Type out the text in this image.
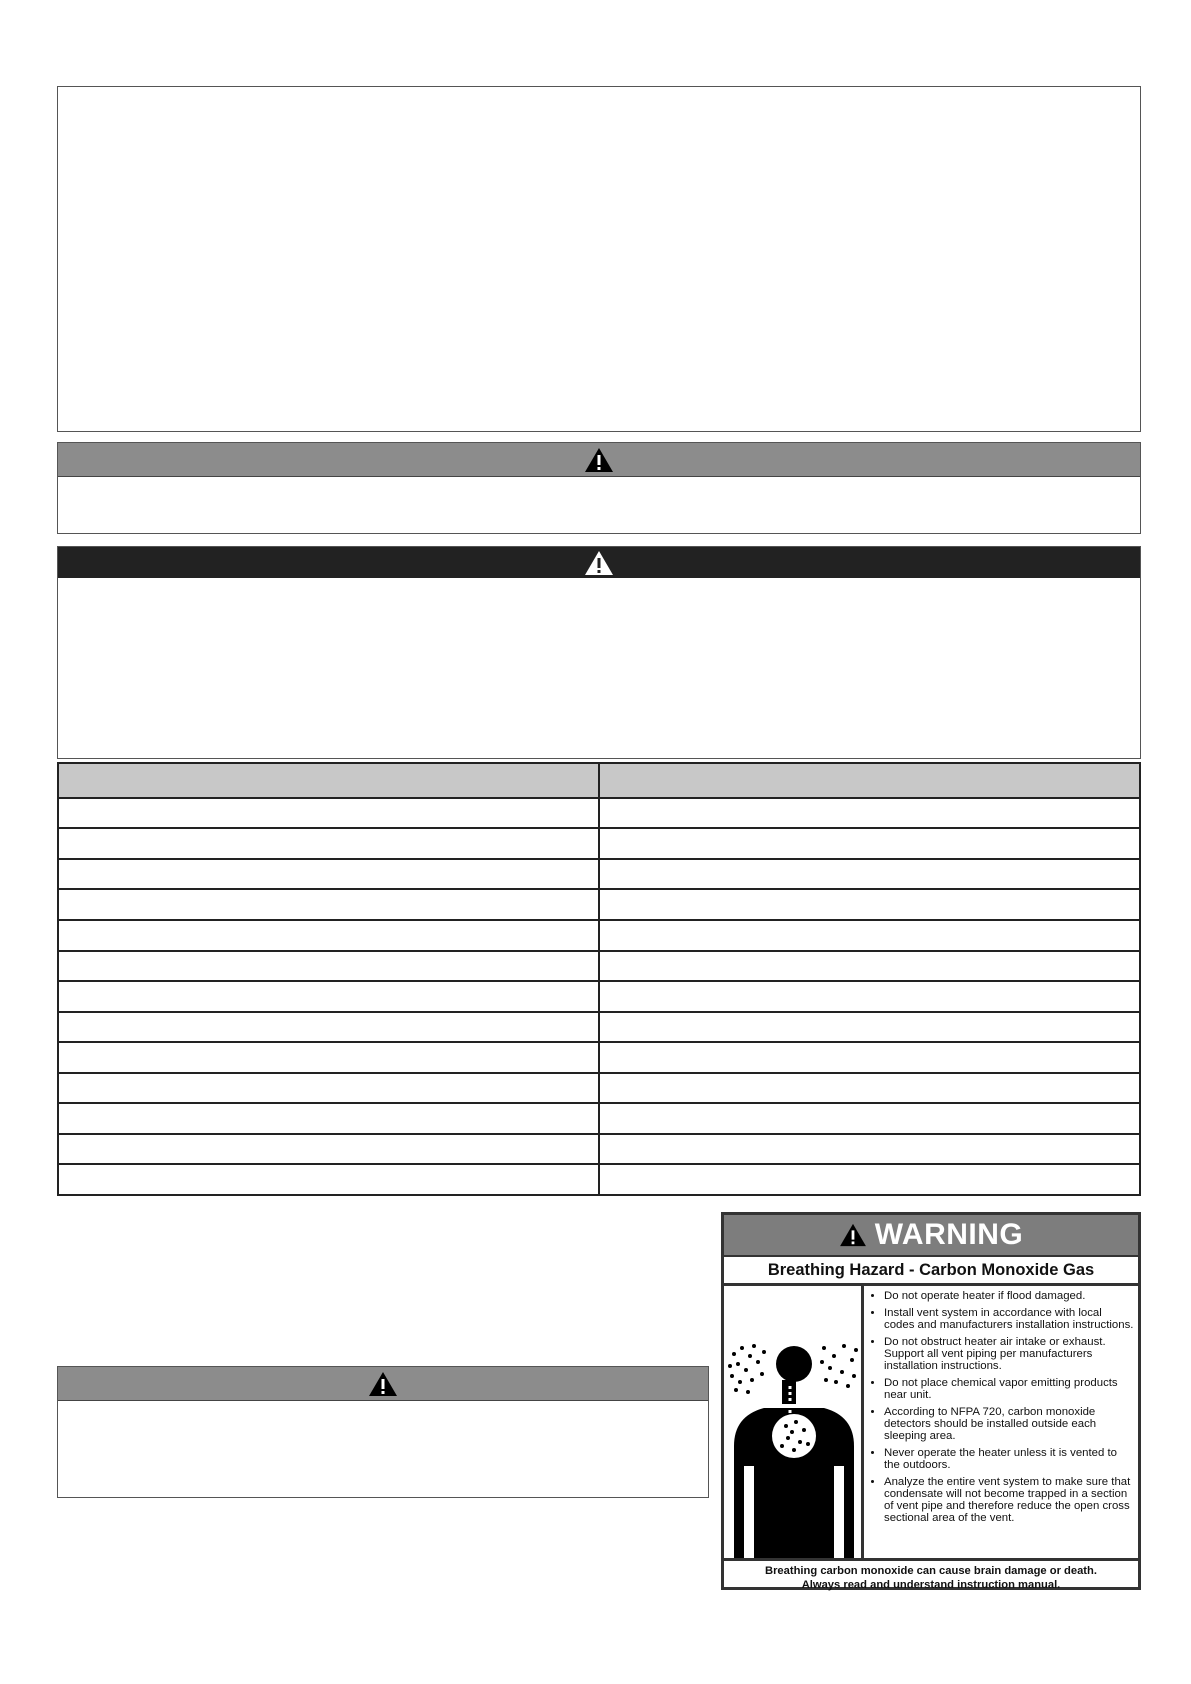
WARNING
Breathing Hazard - Carbon Monoxide Gas
• Do not operate heater if flood damaged.
• Install vent system in accordance with local codes and manufacturers installation instructions.
• Do not obstruct heater air intake or exhaust. Support all vent piping per manufacturers installation instructions.
• Do not place chemical vapor emitting products near unit.
• According to NFPA 720, carbon monoxide detectors should be installed outside each sleeping area.
• Never operate the heater unless it is vented to the outdoors.
• Analyze the entire vent system to make sure that condensate will not become trapped in a section of vent pipe and therefore reduce the open cross sectional area of the vent.
Breathing carbon monoxide can cause brain damage or death.
Always read and understand instruction manual.
